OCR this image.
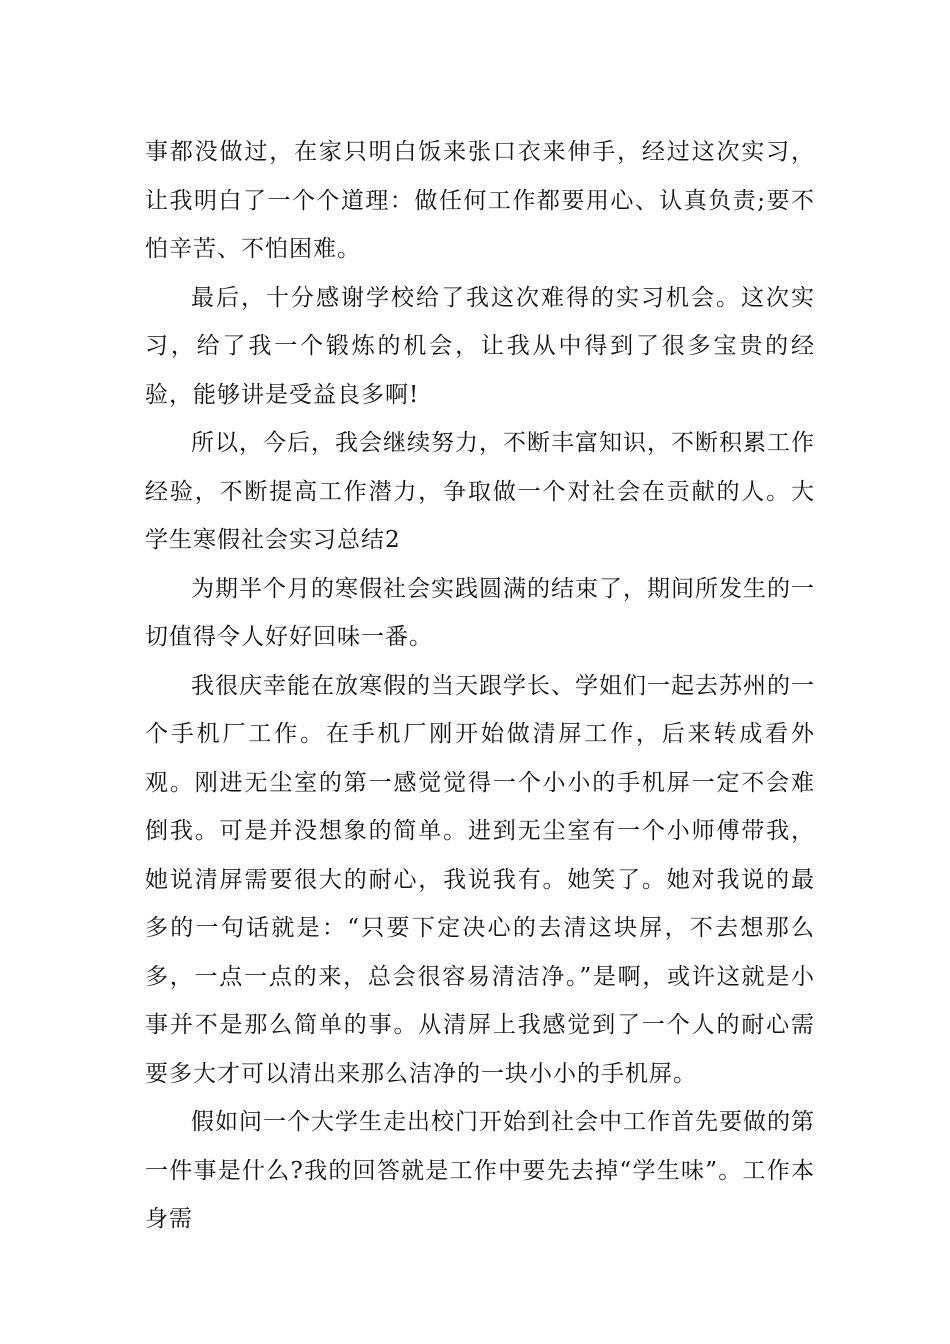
事都没做过，在家只明白饭来张口衣来伸手，经过这次实习，让我明白了一个个道理：做任何工作都要用心、认真负责;要不怕辛苦、不怕困难。

最后，十分感谢学校给了我这次难得的实习机会。这次实习，给了我一个锻炼的机会，让我从中得到了很多宝贵的经验，能够讲是受益良多啊!

所以，今后，我会继续努力，不断丰富知识，不断积累工作经验，不断提高工作潜力，争取做一个对社会在贡献的人。大学生寒假社会实习总结2

为期半个月的寒假社会实践圆满的结束了，期间所发生的一切值得令人好好回味一番。

我很庆幸能在放寒假的当天跟学长、学姐们一起去苏州的一个手机厂工作。在手机厂刚开始做清屏工作，后来转成看外观。刚进无尘室的第一感觉觉得一个小小的手机屏一定不会难倒我。可是并没想象的简单。进到无尘室有一个小师傅带我，她说清屏需要很大的耐心，我说我有。她笑了。她对我说的最多的一句话就是：“只要下定决心的去清这块屏，不去想那么多，一点一点的来，总会很容易清洁净。”是啊，或许这就是小事并不是那么简单的事。从清屏上我感觉到了一个人的耐心需要多大才可以清出来那么洁净的一块小小的手机屏。

假如问一个大学生走出校门开始到社会中工作首先要做的第一件事是什么?我的回答就是工作中要先去掉“学生味”。工作本身需
